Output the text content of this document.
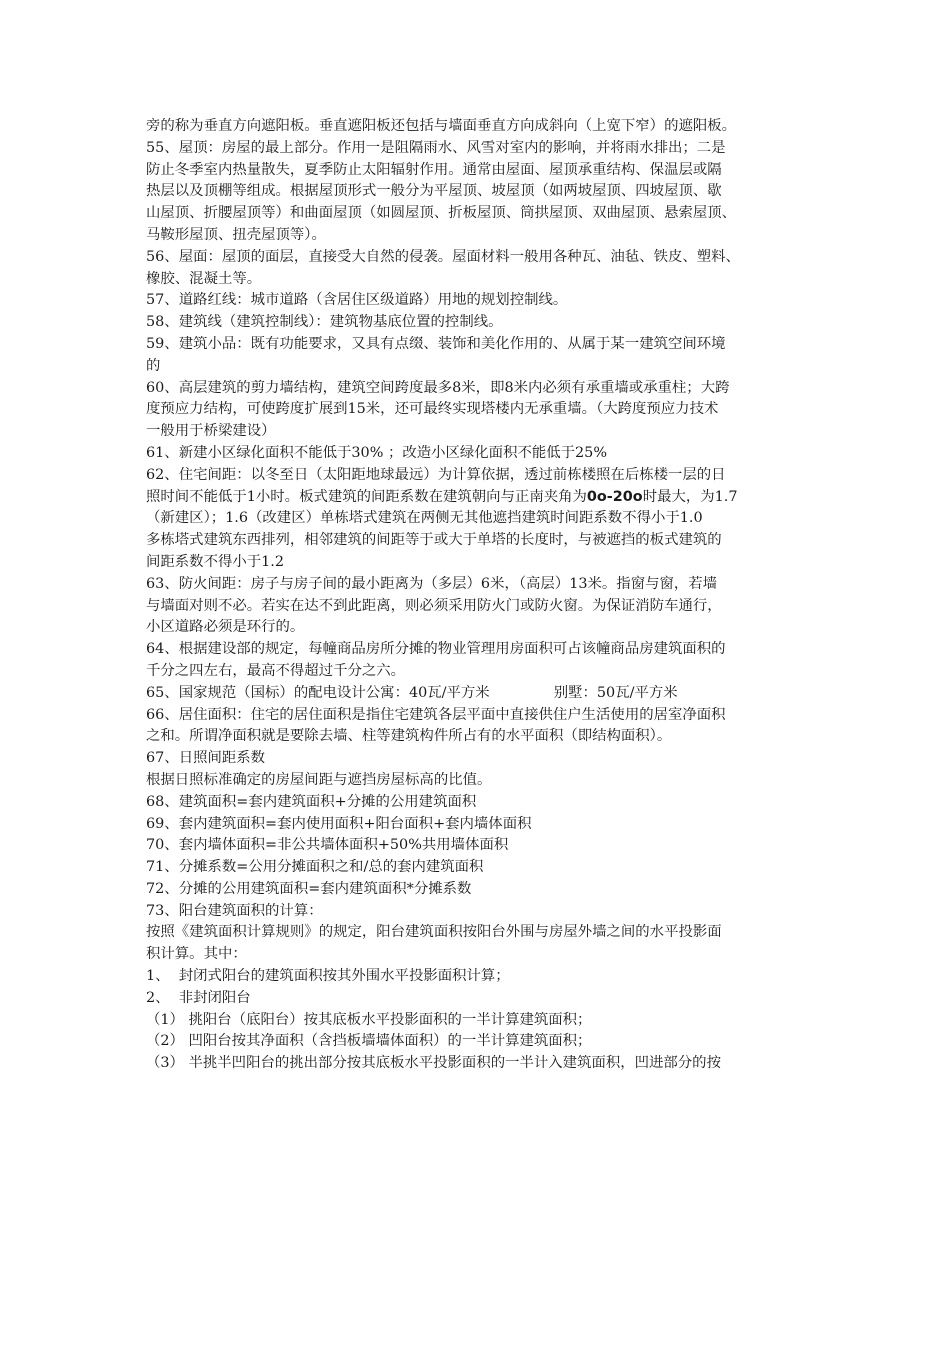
旁的称为垂直方向遮阳板。垂直遮阳板还包括与墙面垂直方向成斜向（上宽下窄）的遮阳板。
55、屋顶：房屋的最上部分。作用一是阻隔雨水、风雪对室内的影响，并将雨水排出；二是
防止冬季室内热量散失，夏季防止太阳辐射作用。通常由屋面、屋顶承重结构、保温层或隔
热层以及顶棚等组成。根据屋顶形式一般分为平屋顶、坡屋顶（如两坡屋顶、四坡屋顶、歇
山屋顶、折腰屋顶等）和曲面屋顶（如圆屋顶、折板屋顶、筒拱屋顶、双曲屋顶、悬索屋顶、
马鞍形屋顶、扭壳屋顶等）。
56、屋面：屋顶的面层，直接受大自然的侵袭。屋面材料一般用各种瓦、油毡、铁皮、塑料、
橡胶、混凝土等。
57、道路红线：城市道路（含居住区级道路）用地的规划控制线。
58、建筑线（建筑控制线）：建筑物基底位置的控制线。
59、建筑小品：既有功能要求，又具有点缀、装饰和美化作用的、从属于某一建筑空间环境
的
60、高层建筑的剪力墙结构，建筑空间跨度最多8米，即8米内必须有承重墙或承重柱；大跨
度预应力结构，可使跨度扩展到15米，还可最终实现塔楼内无承重墙。（大跨度预应力技术
一般用于桥梁建设）
61、新建小区绿化面积不能低于30% ；改造小区绿化面积不能低于25%
62、住宅间距：以冬至日（太阳距地球最远）为计算依据，透过前栋楼照在后栋楼一层的日
照时间不能低于1小时。板式建筑的间距系数在建筑朝向与正南夹角为0o-20o时最大，为1.7
（新建区）；1.6（改建区）单栋塔式建筑在两侧无其他遮挡建筑时间距系数不得小于1.0
多栋塔式建筑东西排列，相邻建筑的间距等于或大于单塔的长度时，与被遮挡的板式建筑的
间距系数不得小于1.2
63、防火间距：房子与房子间的最小距离为（多层）6米，（高层）13米。指窗与窗，若墙
与墙面对则不必。若实在达不到此距离，则必须采用防火门或防火窗。为保证消防车通行，
小区道路必须是环行的。
64、根据建设部的规定，每幢商品房所分摊的物业管理用房面积可占该幢商品房建筑面积的
千分之四左右，最高不得超过千分之六。
65、国家规范（国标）的配电设计公寓：40瓦/平方米              别墅：50瓦/平方米
66、居住面积：住宅的居住面积是指住宅建筑各层平面中直接供住户生活使用的居室净面积
之和。所谓净面积就是要除去墙、柱等建筑构件所占有的水平面积（即结构面积）。
67、日照间距系数
根据日照标准确定的房屋间距与遮挡房屋标高的比值。
68、建筑面积=套内建筑面积+分摊的公用建筑面积
69、套内建筑面积=套内使用面积+阳台面积+套内墙体面积
70、套内墙体面积=非公共墙体面积+50%共用墙体面积
71、分摊系数=公用分摊面积之和/总的套内建筑面积
72、分摊的公用建筑面积=套内建筑面积*分摊系数
73、阳台建筑面积的计算：
按照《建筑面积计算规则》的规定，阳台建筑面积按阳台外围与房屋外墙之间的水平投影面
积计算。其中：
1、  封闭式阳台的建筑面积按其外围水平投影面积计算；
2、  非封闭阳台
（1） 挑阳台（底阳台）按其底板水平投影面积的一半计算建筑面积；
（2） 凹阳台按其净面积（含挡板墙墙体面积）的一半计算建筑面积；
（3） 半挑半凹阳台的挑出部分按其底板水平投影面积的一半计入建筑面积，凹进部分的按
